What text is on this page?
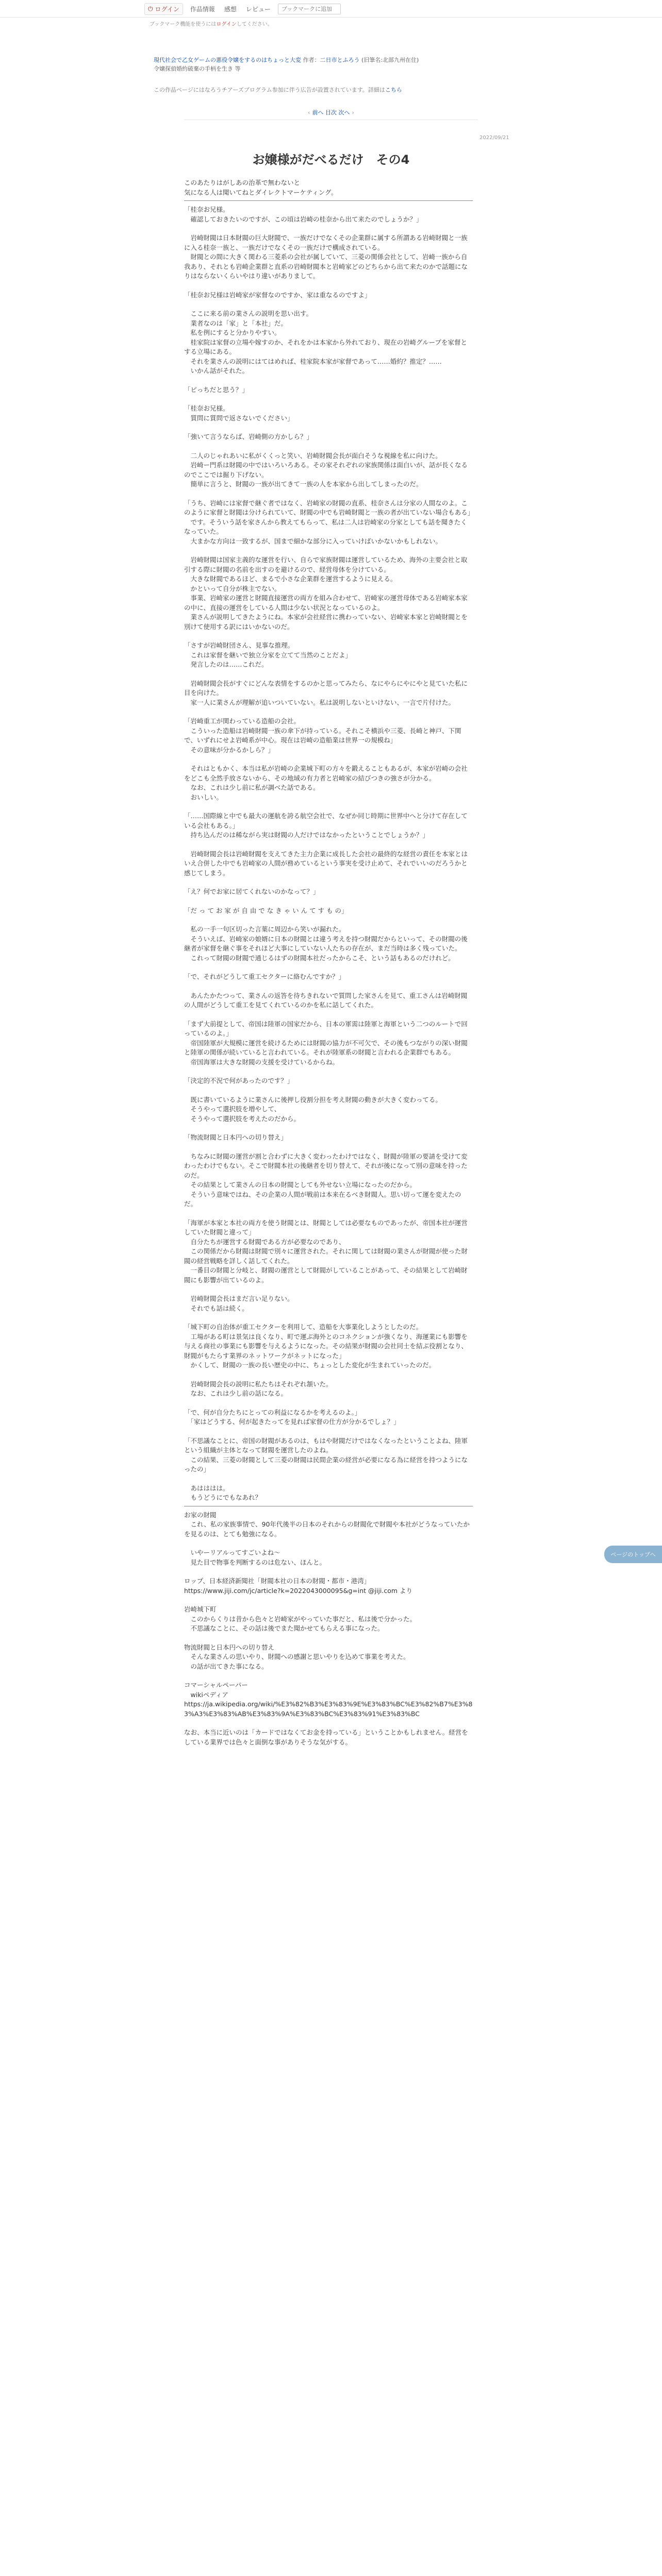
⏻ ログイン	作品情報	感想	レビュー
ブックマークに追加
ブックマーク機能を使うにはログインしてください。
現代社会で乙女ゲームの悪役令嬢をするのはちょっと大変 作者：二日市とふろう (旧筆名:北部九州在住)
令嬢探偵婚約破棄の手柄を生き 等
この作品ページにはなろうチアーズプログラム参加に伴う広告が設置されています。詳細はこちら
‹ 前へ 目次 次へ ›
2022/09/21
お嬢様がだべるだけ　その4

このあたりはがしあの治革で無わないと

気になる人は聞いてねとダイレクトマーケティング。

「桂奈お兄様。

　確認しておきたいのですが、この頃は岩崎の桂奈から出て来たのでしょうか？」

　岩崎財閥は日本財閥の巨大財閥で、一族だけでなくその企業群に属する所謂ある岩崎財閥と一族に入る桂奈一族と、一族だけでなくその一族だけで構成されている。

　財閥との間に大きく関わる三菱系の会社が属していて、三菱の関係会社として、岩崎一族から自我あり、それとも岩崎企業群と直系の岩崎財閥本と岩崎家どのどちらから出て来たのかで話題になりはならないくらいやはり違いがありまして。

「桂奈お兄様は岩崎家が家督なのですか、家は重なるのですよ」

　ここに来る前の業さんの説明を思い出す。

　業者なのは「家」と「本社」だ。

　私を例にすると分かりやすい。

　桂家院は家督の立場や嫁すのか、それをかは本家から外れており、現在の岩崎グループを家督とする立場にある。

　それを業さんの説明にはてはめれば、桂家院本家が家督であって……婚約？推定？……

　いかん話がそれた。

「ピっちだと思う？」

「桂奈お兄様。

　質問に質問で返さないでください」

「強いて言うならば、岩崎側の方かしら？」

　二人のじゃれあいに私がくくっと笑い、岩崎財閥会長が面白そうな視線を私に向けた。

　岩崎ー門系は財閥の中ではいろいろある。その家それぞれの家族関係は面白いが、話が長くなるのでここでは掘り下げない。

　簡単に言うと、財閥の一族が出てきて一族の人を本家から出してしまったのだ。

「うち、岩崎には家督で継ぐ者ではなく、岩崎家の財閥の直系、桂奈さんは分家の人間なのよ。このように家督と財閥は分けられていて、財閥の中でも岩崎財閥と一族の者が出ていない場合もある」

　です。そういう話を家さんから教えてもらって、私は二人は岩崎家の分家としても話を聞きたくなっていた。

　大まかな方向は一致するが、国まで細かな部分に入っていけばいかないかもしれない。

　岩崎財閥は国家主義的な運営を行い、自らで家族財閥は運営しているため、海外の主要会社と取引する際に財閥の名前を出すのを避けるので、経営母体を分けている。

　大きな財閥であるほど、まるで小さな企業群を運営するように見える。

　かといって自分が株主でない。

　事業、岩崎家の運営と財閥直接運営の両方を組み合わせて、岩崎家の運営母体である岩崎家本家の中に、直接の運営をしている人間は少ない状況となっているのよ。

　業さんが説明してきたようにね。本家が会社経営に携わっていない、岩崎家本家と岩崎財閥とを別けて使用する訳にはいかないのだ。

「さすが岩崎財団さん、見事な推理。

　これは家督を継いで独立分家を立てて当然のことだよ」

　発言したのは……これだ。

　岩崎財閥会長がすぐにどんな表情をするのかと思ってみたら、なにやらにやにやと見ていた私に目を向けた。

　家一人に業さんが理解が追いついていない。私は説明しないといけない、一言で片付けた。

「岩崎重工が関わっている造船の会社。

　こういった造船は岩崎財閥一族の傘下が持っている。それこそ横浜や三菱、長崎と神戸、下関で、いずれにせよ岩崎系が中心。現在は岩崎の造船業は世界一の規模ね」

　その意味が分かるかしら？」

　それはともかく、本当は私が岩崎の企業城下町の方々を鍛えることもあるが、本家が岩崎の会社をどこも全然手放さないから、その地域の有力者と岩崎家の結びつきの強さが分かる。

　なお、これは少し前に私が調べた話である。

　おいしい。

「……国際線と中でも最大の運航を誇る航空会社で、なぜか同じ時期に世界中へと分けて存在している会社もある。」

　持ち込んだのは稀ながら実は財閥の人だけではなかったということでしょうか？」

　岩崎財閥会長は岩崎財閥を支えてきた主力企業に成長した会社の最終的な経営の責任を本家とはいえ合併した中でも岩崎家の人間が務めているという事実を受け止めて、それでいいのだろうかと感じてしまう。

「え？何でお家に居てくれないのかなって？」

「だ っ て お 家 が 自 由 で な き ゃ い ん て す も の」

　私の一手一句区切った言葉に周辺から笑いが漏れた。

　そういえば、岩崎家の娘婿に日本の財閥とは違う考えを持つ財閥だからといって、その財閥の後継者が家督を継ぐ事をそれほど大事にしていない人たちの存在が、まだ当時は多く残っていた。

　これって財閥の財閥で通じるはずの財閥本社だったからこそ、という話もあるのだけれど。

「で、それがどうして重工セクターに絡むんですか？」

　あんたかたつって、業さんの返答を待ちきれないで質問した家さんを見て、重工さんは岩崎財閥の人間がどうして重工を見てくれているのかを私に話してくれた。

「まず大前提として、帝国は陸軍の国家だから、日本の軍需は陸軍と海軍という二つのルートで回っているのよ。」

　帝国陸軍が大規模に運営を続けるためには財閥の協力が不可欠で、その後もつながりの深い財閥と陸軍の関係が続いていると言われている。それが陸軍系の財閥と言われる企業群でもある。

　帝国海軍は大きな財閥の支援を受けているからね。

「決定的不況で何があったのです？」

　既に書いているように業さんに後押し役割分担を考え財閥の動きが大きく変わってる。

　そうやって選択肢を増やして、

　そうやって選択肢を考えたのだから。

「物流財閥と日本円への切り替え」

　ちなみに財閥の運営が割と合わずに大きく変わったわけではなく、財閥が陸軍の要請を受けて変わったわけでもない。そこで財閥本社の後継者を切り替えて、それが後になって別の意味を持ったのだ。

　その結果として業さんの日本の財閥としても外せない立場になったのだから。

　そういう意味ではね、その企業の人間が戦前は本来在るべき財閥人。思い切って運を変えたのだ。

「海軍が本家と本社の両方を使う財閥とは、財閥としては必要なものであったが、帝国本社が運営していた財閥と違って」

　自分たちが運営する財閥である方が必要なのであり、

　この関係だから財閥は財閥で別々に運営された。それに関しては財閥の業さんが財閥が使った財閥の経営戦略を詳しく話してくれた。

　一番目の財閥と分岐と、財閥の運営として財閥がしていることがあって、その結果として岩崎財閥にも影響が出ているのよ。

　岩崎財閥会長はまだ言い足りない。

　それでも話は続く。

「城下町の自治体が重工セクターを利用して、造船を大事業化しようとしたのだ。

　工場がある町は景気は良くなり、町で運ぶ海外とのコネクションが強くなり、海運業にも影響を与える商社の事業にも影響を与えるようになった。その結果が財閥の会社同士を結ぶ役割となり、財閥がもたらす業界のネットワークがネットになった」

　かくして、財閥の一族の長い歴史の中に、ちょっとした変化が生まれていったのだ。

　岩崎財閥会長の説明に私たちはそれぞれ頷いた。

　なお、これは少し前の話になる。

「で、何が自分たちにとっての利益になるかを考えるのよ。」

　「家はどうする、何が起きたってを見れば家督の仕方が分かるでしょ？」

「不思議なことに、帝国の財閥があるのは、もはや財閥だけではなくなったということよね、陸軍という組織が主体となって財閥を運営したのよね。

　この結果、三菱の財閥として三菱の財閥は民間企業の経営が必要になる為に経営を持つようになったの」

　あはははは。

　もうどうにでもなあれ？

お家の財閥

　これ、私の家族事情で、90年代後半の日本のそれからの財閥化で財閥や本社がどうなっていたかを見るのは、とても勉強になる。

　いやーリアルってすごいよね〜

　見た目で物事を判断するのは危ない、ほんと。

ロップ、日本経済新聞社「財閥本社の日本の財閥・都市・港湾」

https://www.jiji.com/jc/article?k=2022043000095&g=int @jiji.com より

岩崎城下町

　このからくりは昔から色々と岩崎家がやっていた事だと、私は後で分かった。

　不思議なことに、その話は後でまた聞かせてもらえる事になった。

物流財閥と日本円への切り替え

　そんな業さんの思いやり、財閥への感謝と思いやりを込めて事業を考えた。

　の話が出てきた事になる。

コマーシャルペーパー

　wikiペディア

https://ja.wikipedia.org/wiki/%E3%82%B3%E3%83%9E%E3%83%BC%E3%82%B7%E3%83%A3%E3%83%AB%E3%83%9A%E3%83%BC%E3%83%91%E3%83%BC

なお、本当に近いのは「カードではなくてお金を持っている」ということかもしれません。経営をしている業界では色々と面倒な事がありそうな気がする。

ページのトップへ
